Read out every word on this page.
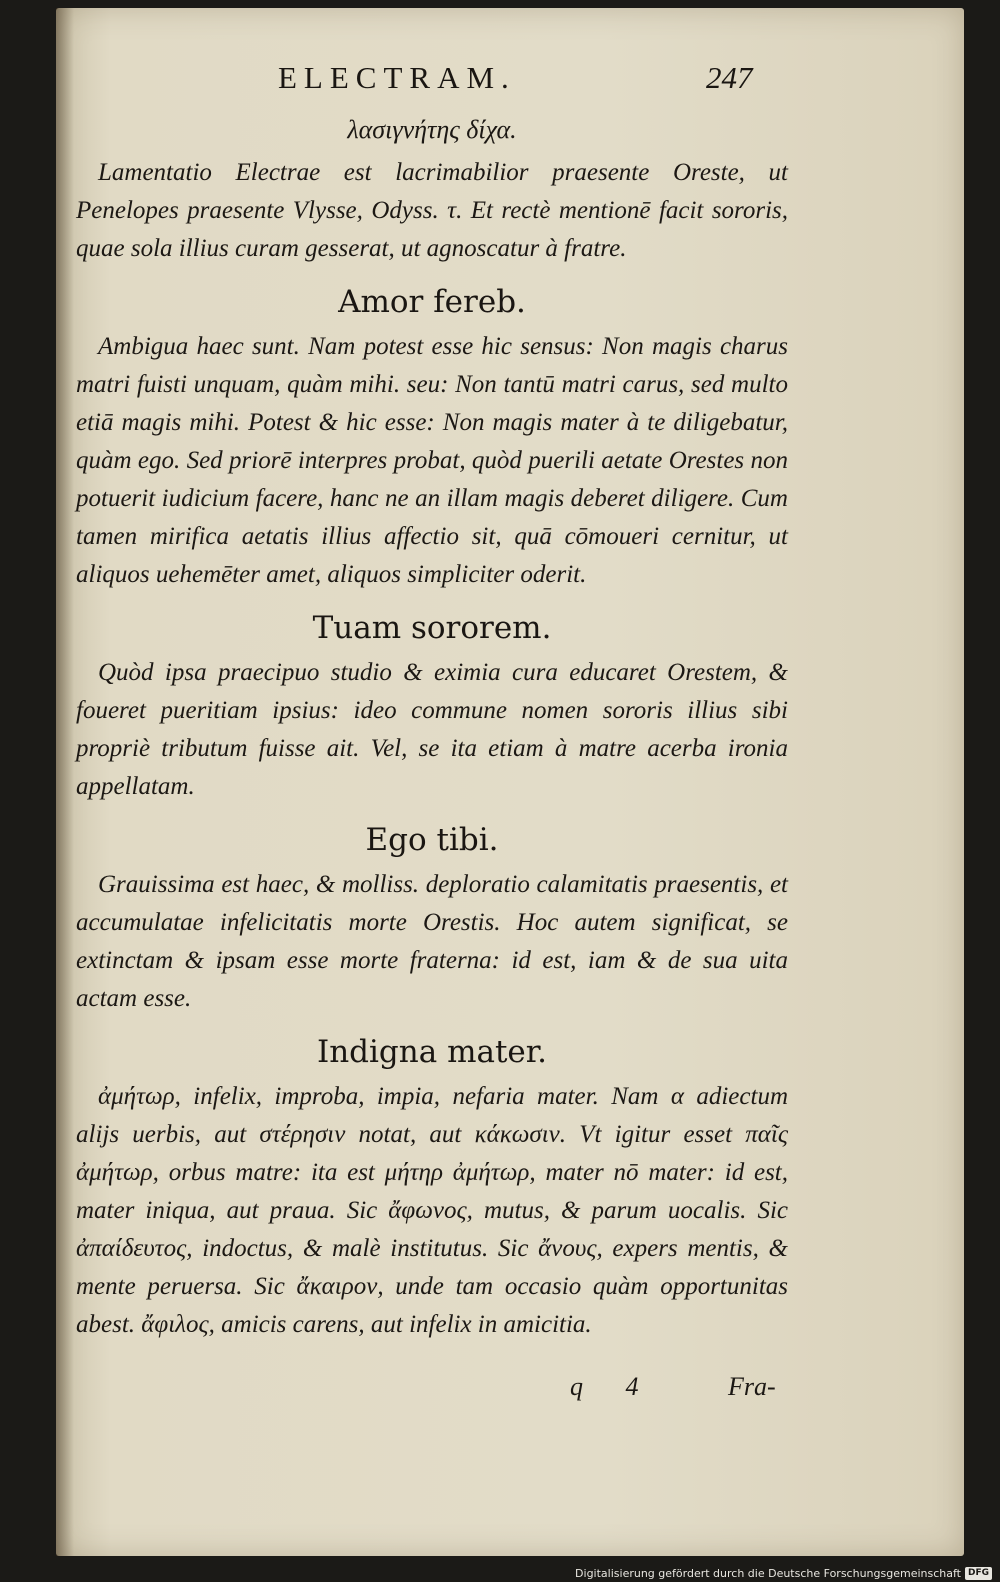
ELECTRAM.	247
λασιγνήτης δίχα.

Lamentatio Electrae est lacrimabilior praesente Oreste, ut Penelopes praesente Vlysse, Odyss. τ. Et rectè mentionē facit sororis, quae sola illius curam gesserat, ut agnoscatur à fratre.

Amor fereb.

Ambigua haec sunt. Nam potest esse hic sensus: Non magis charus matri fuisti unquam, quàm mihi. seu: Non tantū matri carus, sed multo etiā magis mihi. Potest & hic esse: Non magis mater à te diligebatur, quàm ego. Sed priorē interpres probat, quòd puerili aetate Orestes non potuerit iudicium facere, hanc ne an illam magis deberet diligere. Cum tamen mirifica aetatis illius affectio sit, quā cōmoueri cernitur, ut aliquos uehemēter amet, aliquos simpliciter oderit.

Tuam sororem.

Quòd ipsa praecipuo studio & eximia cura educaret Orestem, & foueret pueritiam ipsius: ideo commune nomen sororis illius sibi propriè tributum fuisse ait. Vel, se ita etiam à matre acerba ironia appellatam.

Ego tibi.

Grauissima est haec, & molliss. deploratio calamitatis praesentis, et accumulatae infelicitatis morte Orestis. Hoc autem significat, se extinctam & ipsam esse morte fraterna: id est, iam & de sua uita actam esse.

Indigna mater.

ἀμήτωρ, infelix, improba, impia, nefaria mater. Nam α adiectum alijs uerbis, aut στέρησιν notat, aut κάκωσιν. Vt igitur esset παῖς ἀμήτωρ, orbus matre: ita est μήτηρ ἀμήτωρ, mater nō mater: id est, mater iniqua, aut praua. Sic ἄφωνος, mutus, & parum uocalis. Sic ἀπαίδευτος, indoctus, & malè institutus. Sic ἄνους, expers mentis, & mente peruersa. Sic ἄκαιρον, unde tam occasio quàm opportunitas abest. ἄφιλος, amicis carens, aut infelix in amicitia.

q 4	Fra-
Digitalisierung gefördert durch die Deutsche Forschungsgemeinschaft DFG
